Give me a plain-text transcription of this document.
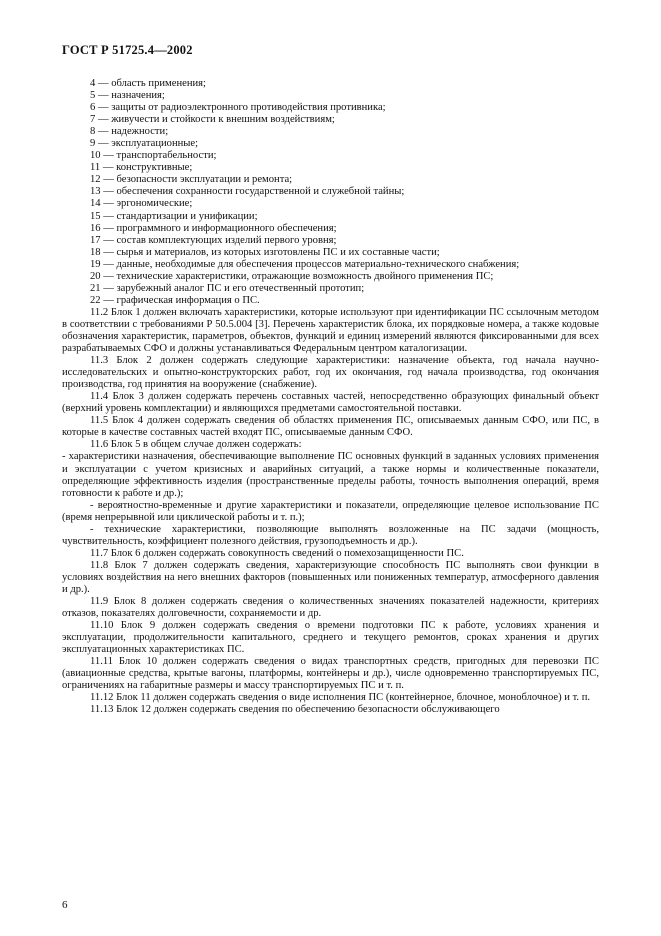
ГОСТ Р 51725.4—2002
4 — область применения;
5 — назначения;
6 — защиты от радиоэлектронного противодействия противника;
7 — живучести и стойкости к внешним воздействиям;
8 — надежности;
9 — эксплуатационные;
10 — транспортабельности;
11 — конструктивные;
12 — безопасности эксплуатации и ремонта;
13 — обеспечения сохранности государственной и служебной тайны;
14 — эргономические;
15 — стандартизации и унификации;
16 — программного и информационного обеспечения;
17 — состав комплектующих изделий первого уровня;
18 — сырья и материалов, из которых изготовлены ПС и их составные части;
19 — данные, необходимые для обеспечения процессов материально-технического снабжения;
20 — технические характеристики, отражающие возможность двойного применения ПС;
21 — зарубежный аналог ПС и его отечественный прототип;
22 — графическая информация о ПС.

11.2 Блок 1 должен включать характеристики, которые используют при идентификации ПС ссылочным методом в соответствии с требованиями Р 50.5.004 [3]. Перечень характеристик блока, их порядковые номера, а также кодовые обозначения характеристик, параметров, объектов, функций и единиц измерений являются фиксированными для всех разрабатываемых СФО и должны устанавливаться Федеральным центром каталогизации.

11.3 Блок 2 должен содержать следующие характеристики: назначение объекта, год начала научно-исследовательских и опытно-конструкторских работ, год их окончания, год начала производства, год окончания производства, год принятия на вооружение (снабжение).

11.4 Блок 3 должен содержать перечень составных частей, непосредственно образующих финальный объект (верхний уровень комплектации) и являющихся предметами самостоятельной поставки.

11.5 Блок 4 должен содержать сведения об областях применения ПС, описываемых данным СФО, или ПС, в которые в качестве составных частей входят ПС, описываемые данным СФО.

11.6 Блок 5 в общем случае должен содержать:

- характеристики назначения, обеспечивающие выполнение ПС основных функций в заданных условиях применения и эксплуатации с учетом кризисных и аварийных ситуаций, а также нормы и количественные показатели, определяющие эффективность изделия (пространственные пределы работы, точность выполнения операций, время готовности к работе и др.);

- вероятностно-временные и другие характеристики и показатели, определяющие целевое использование ПС (время непрерывной или циклической работы и т. п.);

- технические характеристики, позволяющие выполнять возложенные на ПС задачи (мощность, чувствительность, коэффициент полезного действия, грузоподъемность и др.).

11.7 Блок 6 должен содержать совокупность сведений о помехозащищенности ПС.

11.8 Блок 7 должен содержать сведения, характеризующие способность ПС выполнять свои функции в условиях воздействия на него внешних факторов (повышенных или пониженных температур, атмосферного давления и др.).

11.9 Блок 8 должен содержать сведения о количественных значениях показателей надежности, критериях отказов, показателях долговечности, сохраняемости и др.

11.10 Блок 9 должен содержать сведения о времени подготовки ПС к работе, условиях хранения и эксплуатации, продолжительности капитального, среднего и текущего ремонтов, сроках хранения и других эксплуатационных характеристиках ПС.

11.11 Блок 10 должен содержать сведения о видах транспортных средств, пригодных для перевозки ПС (авиационные средства, крытые вагоны, платформы, контейнеры и др.), числе одновременно транспортируемых ПС, ограничениях на габаритные размеры и массу транспортируемых ПС и т. п.

11.12 Блок 11 должен содержать сведения о виде исполнения ПС (контейнерное, блочное, моноблочное) и т. п.

11.13 Блок 12 должен содержать сведения по обеспечению безопасности обслуживающего

6
